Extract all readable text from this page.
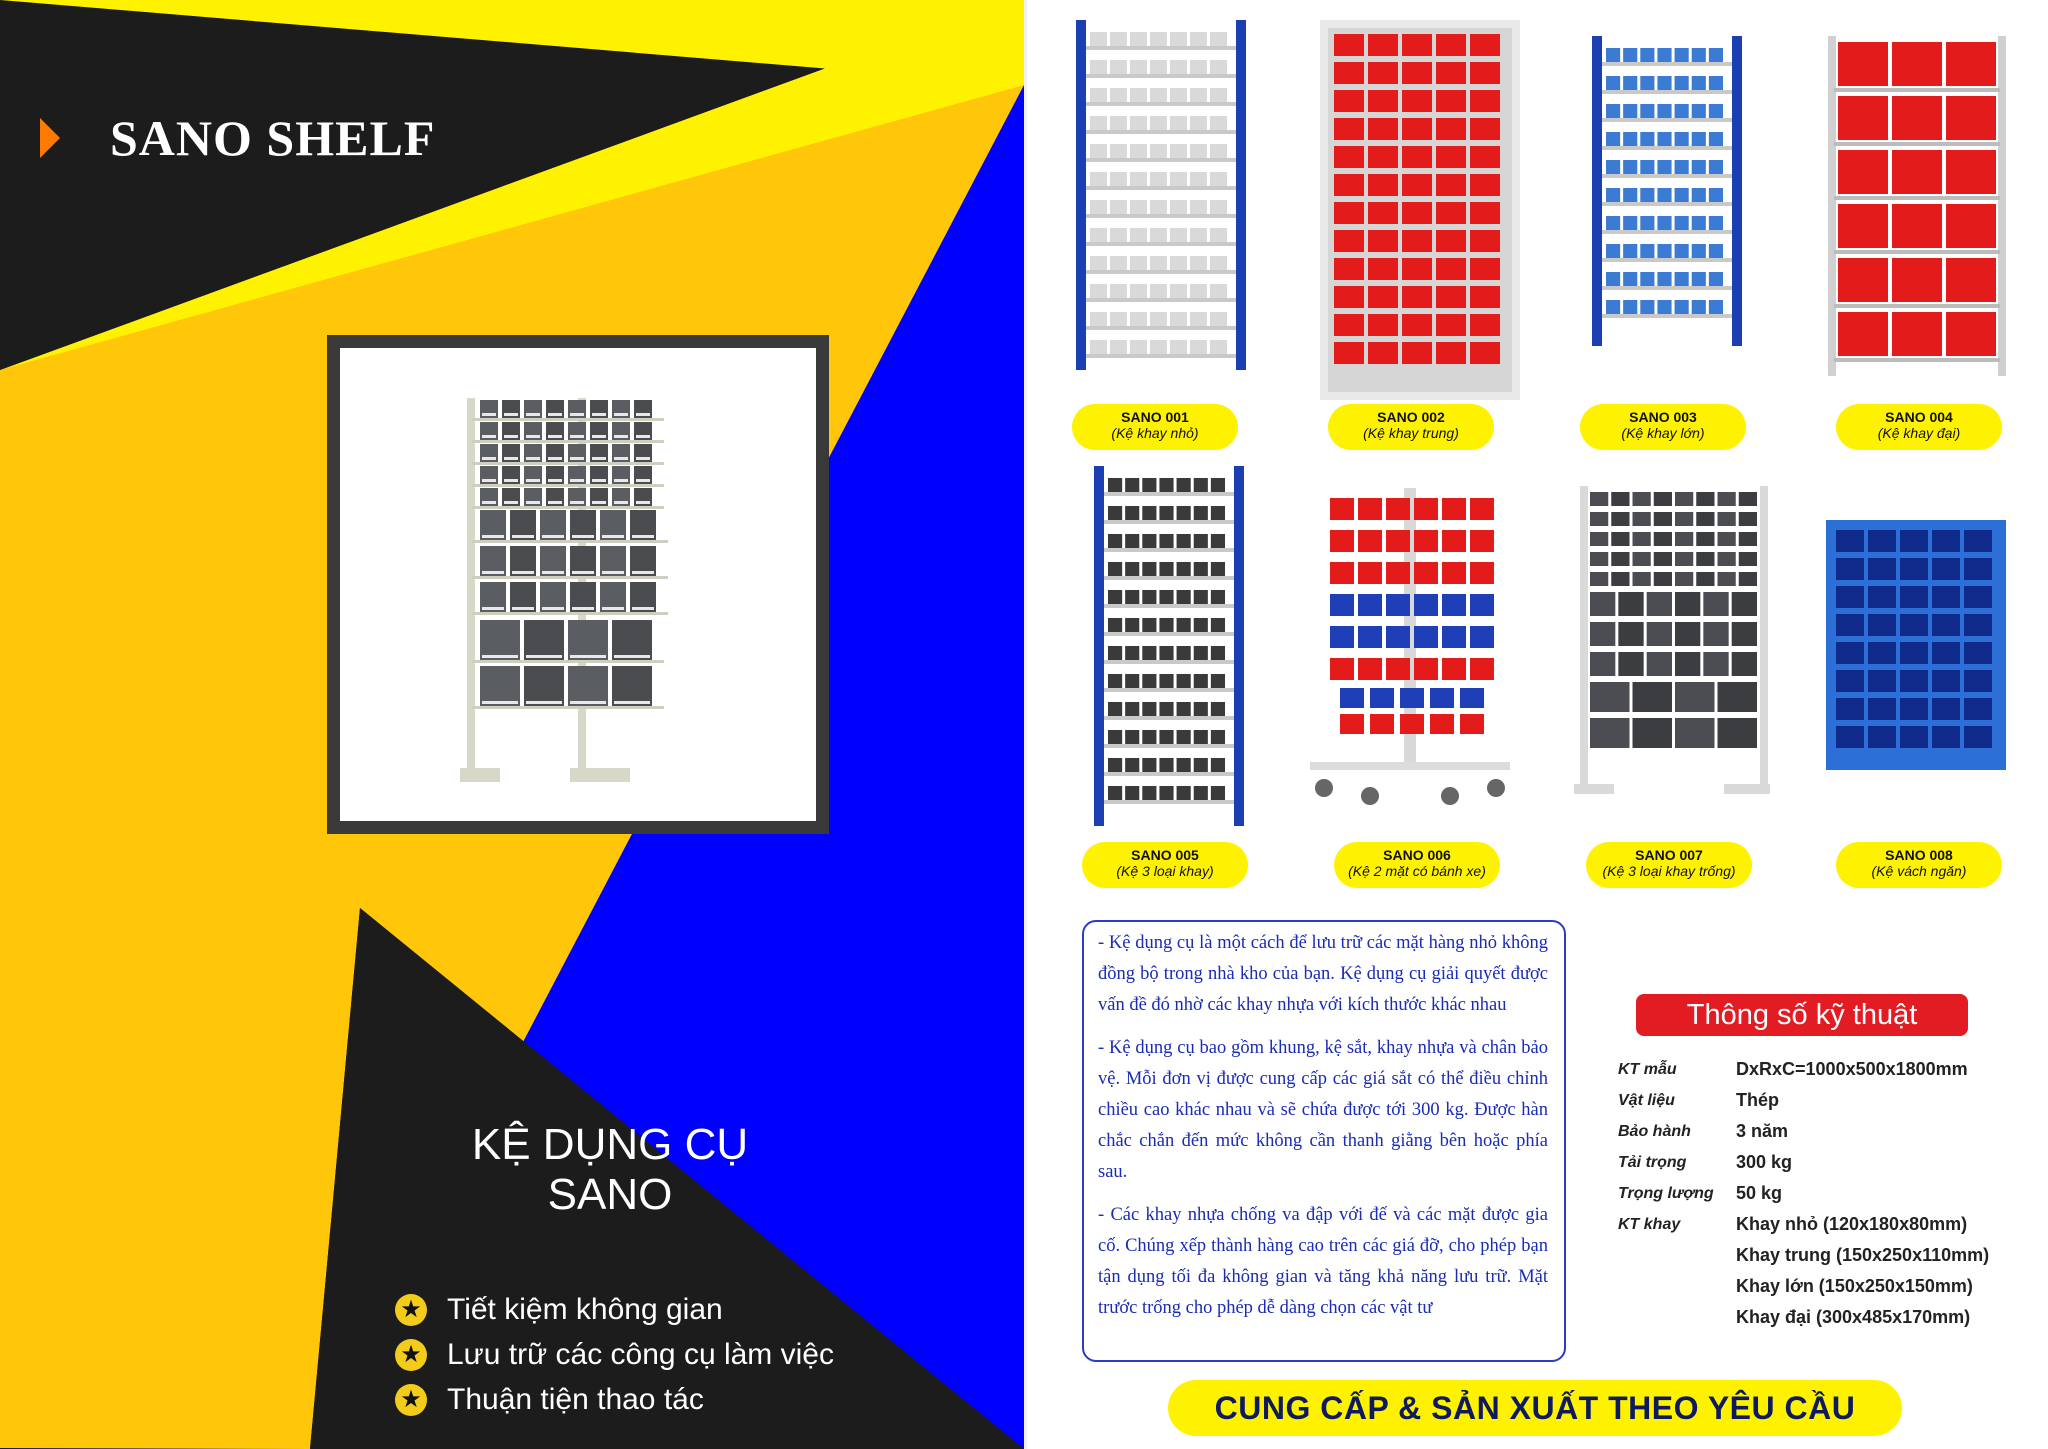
SANO SHELF
KỆ DỤNG CỤ
SANO
★ Tiết kiệm không gian
★ Lưu trữ các công cụ làm việc
★ Thuận tiện thao tác
SANO 001
(Kệ khay nhỏ)
SANO 002
(Kệ khay trung)
SANO 003
(Kệ khay lớn)
SANO 004
(Kệ khay đại)
SANO 005
(Kệ 3 loại khay)
SANO 006
(Kệ 2 mặt có bánh xe)
SANO 007
(Kệ 3 loại khay trống)
SANO 008
(Kệ vách ngăn)

- Kệ dụng cụ là một cách để lưu trữ các mặt hàng nhỏ không đồng bộ trong nhà kho của bạn. Kệ dụng cụ giải quyết được vấn đề đó nhờ các khay nhựa với kích thước khác nhau

- Kệ dụng cụ bao gồm khung, kệ sắt, khay nhựa và chân bảo vệ. Mỗi đơn vị được cung cấp các giá sắt có thể điều chỉnh chiều cao khác nhau và sẽ chứa được tới 300 kg. Được hàn chắc chắn đến mức không cần thanh giằng bên hoặc phía sau.

- Các khay nhựa chống va đập với đế và các mặt được gia cố. Chúng xếp thành hàng cao trên các giá đỡ, cho phép bạn tận dụng tối đa không gian và tăng khả năng lưu trữ. Mặt trước trống cho phép dễ dàng chọn các vật tư

Thông số kỹ thuật
KT mẫu	DxRxC=1000x500x1800mm
Vật liệu	Thép
Bảo hành	3 năm
Tải trọng	300 kg
Trọng lượng	50 kg
KT khay	Khay nhỏ (120x180x80mm)
Khay trung (150x250x110mm)
Khay lớn (150x250x150mm)
Khay đại (300x485x170mm)
CUNG CẤP & SẢN XUẤT THEO YÊU CẦU
